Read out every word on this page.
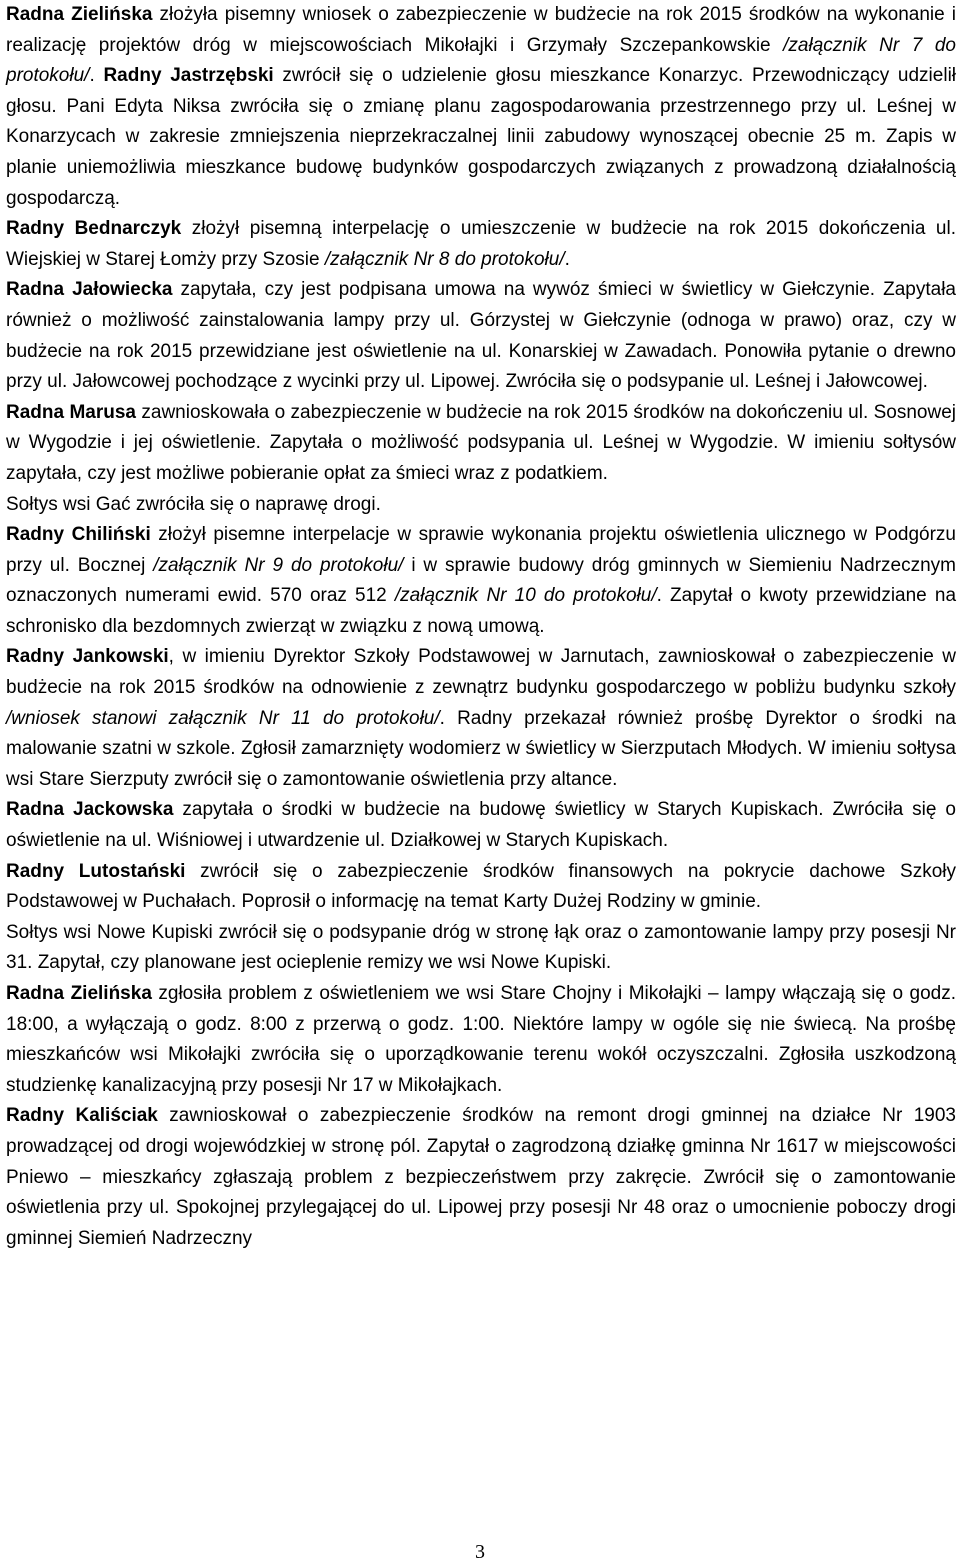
Radna Zielińska złożyła pisemny wniosek o zabezpieczenie w budżecie na rok 2015 środków na wykonanie i realizację projektów dróg w miejscowościach Mikołajki i Grzymały Szczepankowskie /załącznik Nr 7 do protokołu/. Radny Jastrzębski zwrócił się o udzielenie głosu mieszkance Konarzyc. Przewodniczący udzielił głosu. Pani Edyta Niksa zwróciła się o zmianę planu zagospodarowania przestrzennego przy ul. Leśnej w Konarzycach w zakresie zmniejszenia nieprzekraczalnej linii zabudowy wynoszącej obecnie 25 m. Zapis w planie uniemożliwia mieszkance budowę budynków gospodarczych związanych z prowadzoną działalnością gospodarczą.

Radny Bednarczyk złożył pisemną interpelację o umieszczenie w budżecie na rok 2015 dokończenia ul. Wiejskiej w Starej Łomży przy Szosie /załącznik Nr 8 do protokołu/.

Radna Jałowiecka zapytała, czy jest podpisana umowa na wywóz śmieci w świetlicy w Giełczynie. Zapytała również o możliwość zainstalowania lampy przy ul. Górzystej w Giełczynie (odnoga w prawo) oraz, czy w budżecie na rok 2015 przewidziane jest oświetlenie na ul. Konarskiej w Zawadach. Ponowiła pytanie o drewno przy ul. Jałowcowej pochodzące z wycinki przy ul. Lipowej. Zwróciła się o podsypanie ul. Leśnej i Jałowcowej.

Radna Marusa zawnioskowała o zabezpieczenie w budżecie na rok 2015 środków na dokończeniu ul. Sosnowej w Wygodzie i jej oświetlenie. Zapytała o możliwość podsypania ul. Leśnej w Wygodzie. W imieniu sołtysów zapytała, czy jest możliwe pobieranie opłat za śmieci wraz z podatkiem.

Sołtys wsi Gać zwróciła się o naprawę drogi.

Radny Chiliński złożył pisemne interpelacje w sprawie wykonania projektu oświetlenia ulicznego w Podgórzu przy ul. Bocznej /załącznik Nr 9 do protokołu/ i w sprawie budowy dróg gminnych w Siemieniu Nadrzecznym oznaczonych numerami ewid. 570 oraz 512 /załącznik Nr 10 do protokołu/. Zapytał o kwoty przewidziane na schronisko dla bezdomnych zwierząt w związku z nową umową.

Radny Jankowski, w imieniu Dyrektor Szkoły Podstawowej w Jarnutach, zawnioskował o zabezpieczenie w budżecie na rok 2015 środków na odnowienie z zewnątrz budynku gospodarczego w pobliżu budynku szkoły /wniosek stanowi załącznik Nr 11 do protokołu/. Radny przekazał również prośbę Dyrektor o środki na malowanie szatni w szkole. Zgłosił zamarznięty wodomierz w świetlicy w Sierzputach Młodych. W imieniu sołtysa wsi Stare Sierzputy zwrócił się o zamontowanie oświetlenia przy altance.

Radna Jackowska zapytała o środki w budżecie na budowę świetlicy w Starych Kupiskach. Zwróciła się o oświetlenie na ul. Wiśniowej i utwardzenie ul. Działkowej w Starych Kupiskach.

Radny Lutostański zwrócił się o zabezpieczenie środków finansowych na pokrycie dachowe Szkoły Podstawowej w Puchałach. Poprosił o informację na temat Karty Dużej Rodziny w gminie.

Sołtys wsi Nowe Kupiski zwrócił się o podsypanie dróg w stronę łąk oraz o zamontowanie lampy przy posesji Nr 31. Zapytał, czy planowane jest ocieplenie remizy we wsi Nowe Kupiski.

Radna Zielińska zgłosiła problem z oświetleniem we wsi Stare Chojny i Mikołajki – lampy włączają się o godz. 18:00, a wyłączają o godz. 8:00 z przerwą o godz. 1:00. Niektóre lampy w ogóle się nie świecą. Na prośbę mieszkańców wsi Mikołajki zwróciła się o uporządkowanie terenu wokół oczyszczalni. Zgłosiła uszkodzoną studzienkę kanalizacyjną przy posesji Nr 17 w Mikołajkach.

Radny Kaliściak zawnioskował o zabezpieczenie środków na remont drogi gminnej na działce Nr 1903 prowadzącej od drogi wojewódzkiej w stronę pól. Zapytał o zagrodzoną działkę gminna Nr 1617 w miejscowości Pniewo – mieszkańcy zgłaszają problem z bezpieczeństwem przy zakręcie. Zwrócił się o zamontowanie oświetlenia przy ul. Spokojnej przylegającej do ul. Lipowej przy posesji Nr 48 oraz o umocnienie poboczy drogi gminnej Siemień Nadrzeczny

3
